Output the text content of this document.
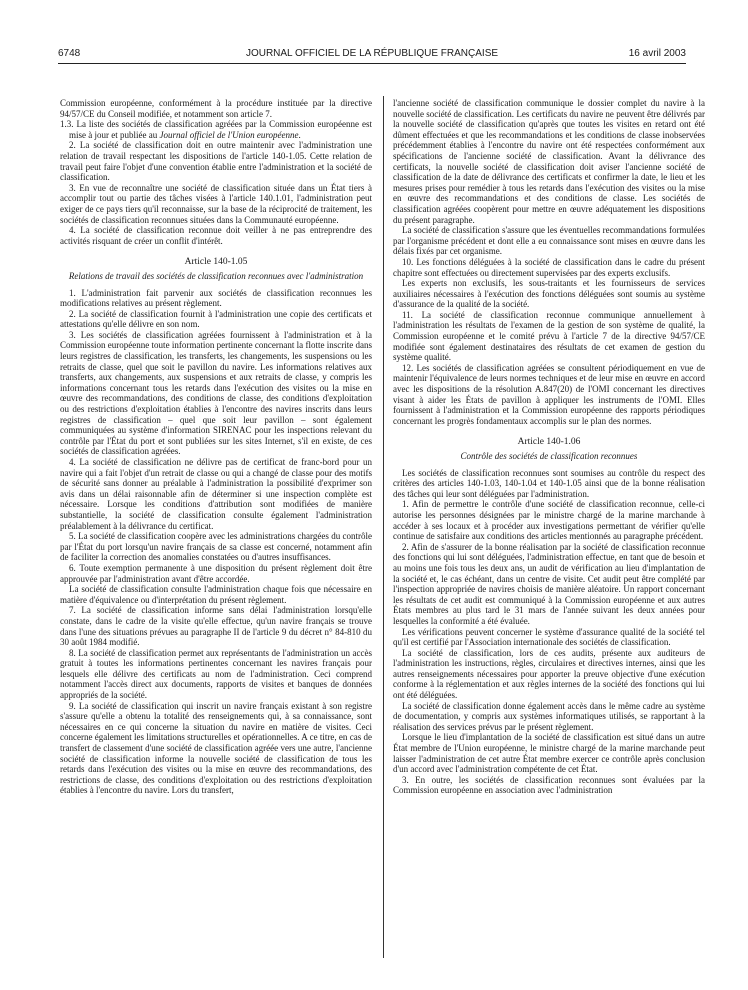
6748	JOURNAL OFFICIEL DE LA RÉPUBLIQUE FRANÇAISE	16 avril 2003

Commission européenne, conformément à la procédure instituée par la directive 94/57/CE du Conseil modifiée, et notamment son article 7.

1.3. La liste des sociétés de classification agréées par la Commission européenne est mise à jour et publiée au Journal officiel de l'Union européenne.

2. La société de classification doit en outre maintenir avec l'administration une relation de travail respectant les dispositions de l'article 140-1.05. Cette relation de travail peut faire l'objet d'une convention établie entre l'administration et la société de classification.

3. En vue de reconnaître une société de classification située dans un État tiers à accomplir tout ou partie des tâches visées à l'article 140.1.01, l'administration peut exiger de ce pays tiers qu'il reconnaisse, sur la base de la réciprocité de traitement, les sociétés de classification reconnues situées dans la Communauté européenne.

4. La société de classification reconnue doit veiller à ne pas entreprendre des activités risquant de créer un conflit d'intérêt.

Article 140-1.05
Relations de travail des sociétés de classification reconnues avec l'administration

1. L'administration fait parvenir aux sociétés de classification reconnues les modifications relatives au présent règlement.

2. La société de classification fournit à l'administration une copie des certificats et attestations qu'elle délivre en son nom.

3. Les sociétés de classification agréées fournissent à l'administration et à la Commission européenne toute information pertinente concernant la flotte inscrite dans leurs registres de classification, les transferts, les changements, les suspensions ou les retraits de classe, quel que soit le pavillon du navire. Les informations relatives aux transferts, aux changements, aux suspensions et aux retraits de classe, y compris les informations concernant tous les retards dans l'exécution des visites ou la mise en œuvre des recommandations, des conditions de classe, des conditions d'exploitation ou des restrictions d'exploitation établies à l'encontre des navires inscrits dans leurs registres de classification – quel que soit leur pavillon – sont également communiquées au système d'information SIRENAC pour les inspections relevant du contrôle par l'État du port et sont publiées sur les sites Internet, s'il en existe, de ces sociétés de classification agréées.

4. La société de classification ne délivre pas de certificat de franc-bord pour un navire qui a fait l'objet d'un retrait de classe ou qui a changé de classe pour des motifs de sécurité sans donner au préalable à l'administration la possibilité d'exprimer son avis dans un délai raisonnable afin de déterminer si une inspection complète est nécessaire. Lorsque les conditions d'attribution sont modifiées de manière substantielle, la société de classification consulte également l'administration préalablement à la délivrance du certificat.

5. La société de classification coopère avec les administrations chargées du contrôle par l'État du port lorsqu'un navire français de sa classe est concerné, notamment afin de faciliter la correction des anomalies constatées ou d'autres insuffisances.

6. Toute exemption permanente à une disposition du présent règlement doit être approuvée par l'administration avant d'être accordée.

La société de classification consulte l'administration chaque fois que nécessaire en matière d'équivalence ou d'interprétation du présent règlement.

7. La société de classification informe sans délai l'administration lorsqu'elle constate, dans le cadre de la visite qu'elle effectue, qu'un navire français se trouve dans l'une des situations prévues au paragraphe II de l'article 9 du décret n° 84-810 du 30 août 1984 modifié.

8. La société de classification permet aux représentants de l'administration un accès gratuit à toutes les informations pertinentes concernant les navires français pour lesquels elle délivre des certificats au nom de l'administration. Ceci comprend notamment l'accès direct aux documents, rapports de visites et banques de données appropriés de la société.

9. La société de classification qui inscrit un navire français existant à son registre s'assure qu'elle a obtenu la totalité des renseignements qui, à sa connaissance, sont nécessaires en ce qui concerne la situation du navire en matière de visites. Ceci concerne également les limitations structurelles et opérationnelles. A ce titre, en cas de transfert de classement d'une société de classification agréée vers une autre, l'ancienne société de classification informe la nouvelle société de classification de tous les retards dans l'exécution des visites ou la mise en œuvre des recommandations, des restrictions de classe, des conditions d'exploitation ou des restrictions d'exploitation établies à l'encontre du navire. Lors du transfert,

l'ancienne société de classification communique le dossier complet du navire à la nouvelle société de classification. Les certificats du navire ne peuvent être délivrés par la nouvelle société de classification qu'après que toutes les visites en retard ont été dûment effectuées et que les recommandations et les conditions de classe inobservées précédemment établies à l'encontre du navire ont été respectées conformément aux spécifications de l'ancienne société de classification. Avant la délivrance des certificats, la nouvelle société de classification doit aviser l'ancienne société de classification de la date de délivrance des certificats et confirmer la date, le lieu et les mesures prises pour remédier à tous les retards dans l'exécution des visites ou la mise en œuvre des recommandations et des conditions de classe. Les sociétés de classification agréées coopèrent pour mettre en œuvre adéquatement les dispositions du présent paragraphe.

La société de classification s'assure que les éventuelles recommandations formulées par l'organisme précédent et dont elle a eu connaissance sont mises en œuvre dans les délais fixés par cet organisme.

10. Les fonctions déléguées à la société de classification dans le cadre du présent chapitre sont effectuées ou directement supervisées par des experts exclusifs.

Les experts non exclusifs, les sous-traitants et les fournisseurs de services auxiliaires nécessaires à l'exécution des fonctions déléguées sont soumis au système d'assurance de la qualité de la société.

11. La société de classification reconnue communique annuellement à l'administration les résultats de l'examen de la gestion de son système de qualité, la Commission européenne et le comité prévu à l'article 7 de la directive 94/57/CE modifiée sont également destinataires des résultats de cet examen de gestion du système qualité.

12. Les sociétés de classification agréées se consultent périodiquement en vue de maintenir l'équivalence de leurs normes techniques et de leur mise en œuvre en accord avec les dispositions de la résolution A.847(20) de l'OMI concernant les directives visant à aider les États de pavillon à appliquer les instruments de l'OMI. Elles fournissent à l'administration et la Commission européenne des rapports périodiques concernant les progrès fondamentaux accomplis sur le plan des normes.

Article 140-1.06
Contrôle des sociétés de classification reconnues

Les sociétés de classification reconnues sont soumises au contrôle du respect des critères des articles 140-1.03, 140-1.04 et 140-1.05 ainsi que de la bonne réalisation des tâches qui leur sont déléguées par l'administration.

1. Afin de permettre le contrôle d'une société de classification reconnue, celle-ci autorise les personnes désignées par le ministre chargé de la marine marchande à accéder à ses locaux et à procéder aux investigations permettant de vérifier qu'elle continue de satisfaire aux conditions des articles mentionnés au paragraphe précédent.

2. Afin de s'assurer de la bonne réalisation par la société de classification reconnue des fonctions qui lui sont déléguées, l'administration effectue, en tant que de besoin et au moins une fois tous les deux ans, un audit de vérification au lieu d'implantation de la société et, le cas échéant, dans un centre de visite. Cet audit peut être complété par l'inspection appropriée de navires choisis de manière aléatoire. Un rapport concernant les résultats de cet audit est communiqué à la Commission européenne et aux autres États membres au plus tard le 31 mars de l'année suivant les deux années pour lesquelles la conformité a été évaluée.

Les vérifications peuvent concerner le système d'assurance qualité de la société tel qu'il est certifié par l'Association internationale des sociétés de classification.

La société de classification, lors de ces audits, présente aux auditeurs de l'administration les instructions, règles, circulaires et directives internes, ainsi que les autres renseignements nécessaires pour apporter la preuve objective d'une exécution conforme à la réglementation et aux règles internes de la société des fonctions qui lui ont été déléguées.

La société de classification donne également accès dans le même cadre au système de documentation, y compris aux systèmes informatiques utilisés, se rapportant à la réalisation des services prévus par le présent règlement.

Lorsque le lieu d'implantation de la société de classification est situé dans un autre État membre de l'Union européenne, le ministre chargé de la marine marchande peut laisser l'administration de cet autre État membre exercer ce contrôle après conclusion d'un accord avec l'administration compétente de cet État.

3. En outre, les sociétés de classification reconnues sont évaluées par la Commission européenne en association avec l'administration
